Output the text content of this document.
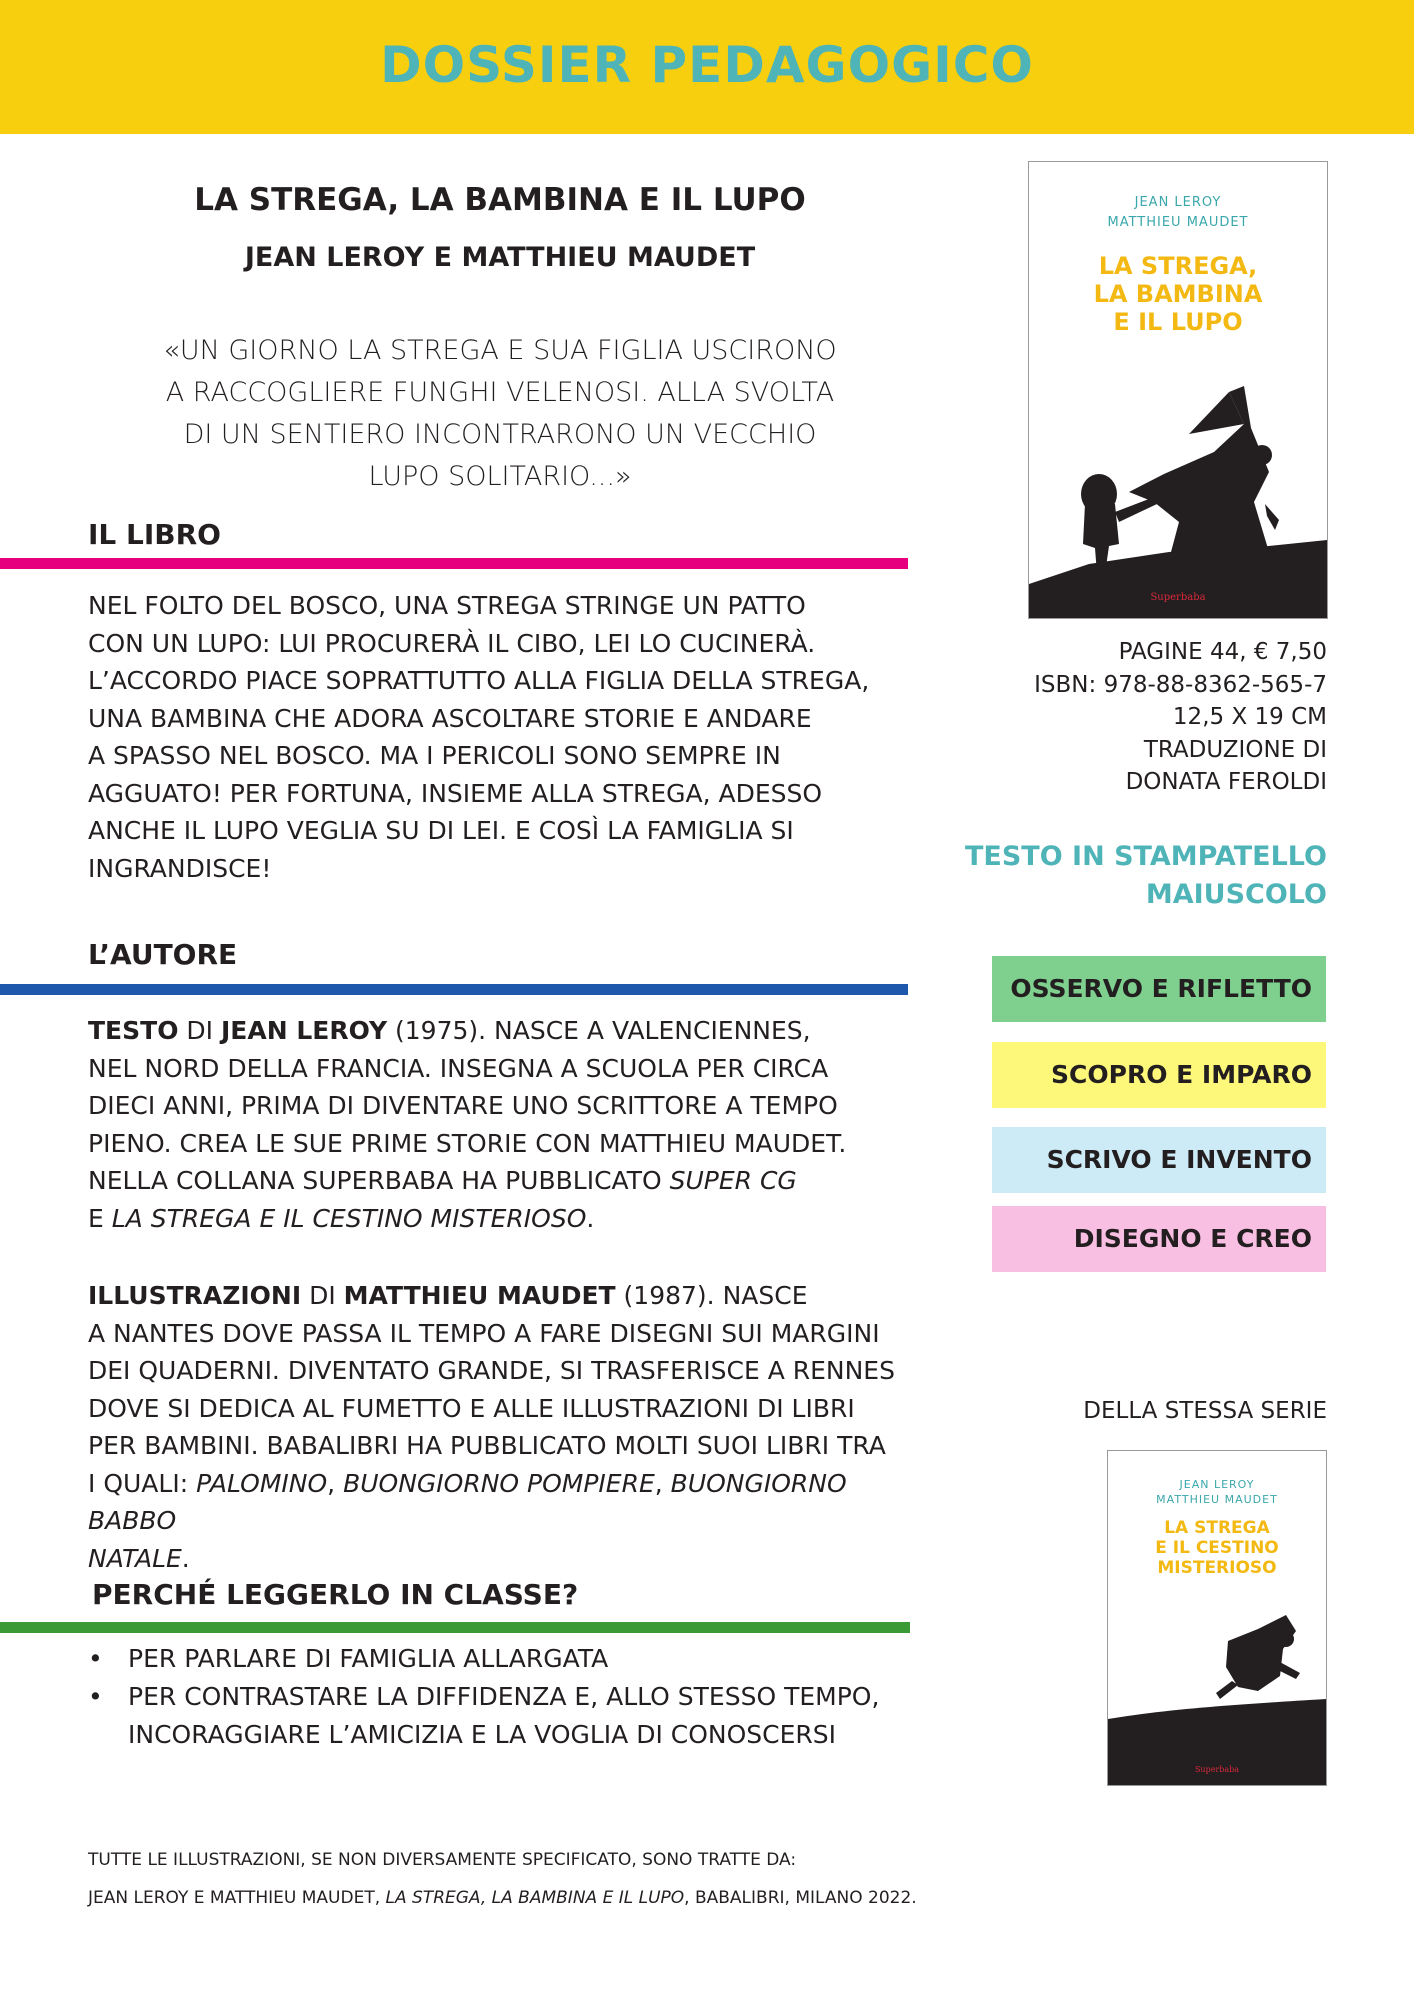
DOSSIER PEDAGOGICO
LA STREGA, LA BAMBINA E IL LUPO
JEAN LEROY E MATTHIEU MAUDET
«UN GIORNO LA STREGA E SUA FIGLIA USCIRONO
A RACCOGLIERE FUNGHI VELENOSI. ALLA SVOLTA
DI UN SENTIERO INCONTRARONO UN VECCHIO
LUPO SOLITARIO...»
IL LIBRO

NEL FOLTO DEL BOSCO, UNA STREGA STRINGE UN PATTO

CON UN LUPO: LUI PROCURERÀ IL CIBO, LEI LO CUCINERÀ.

L’ACCORDO PIACE SOPRATTUTTO ALLA FIGLIA DELLA STREGA,

UNA BAMBINA CHE ADORA ASCOLTARE STORIE E ANDARE

A SPASSO NEL BOSCO. MA I PERICOLI SONO SEMPRE IN

AGGUATO! PER FORTUNA, INSIEME ALLA STREGA, ADESSO

ANCHE IL LUPO VEGLIA SU DI LEI. E COSÌ LA FAMIGLIA SI

INGRANDISCE!

L’AUTORE

TESTO DI JEAN LEROY (1975). NASCE A VALENCIENNES,

NEL NORD DELLA FRANCIA. INSEGNA A SCUOLA PER CIRCA

DIECI ANNI, PRIMA DI DIVENTARE UNO SCRITTORE A TEMPO

PIENO. CREA LE SUE PRIME STORIE CON MATTHIEU MAUDET.

NELLA COLLANA SUPERBABA HA PUBBLICATO SUPER CG

E LA STREGA E IL CESTINO MISTERIOSO.

ILLUSTRAZIONI DI MATTHIEU MAUDET (1987). NASCE

A NANTES DOVE PASSA IL TEMPO A FARE DISEGNI SUI MARGINI

DEI QUADERNI. DIVENTATO GRANDE, SI TRASFERISCE A RENNES

DOVE SI DEDICA AL FUMETTO E ALLE ILLUSTRAZIONI DI LIBRI

PER BAMBINI. BABALIBRI HA PUBBLICATO MOLTI SUOI LIBRI TRA

I QUALI: PALOMINO, BUONGIORNO POMPIERE, BUONGIORNO BABBO

NATALE.

PERCHÉ LEGGERLO IN CLASSE?
• PER PARLARE DI FAMIGLIA ALLARGATA
• PER CONTRASTARE LA DIFFIDENZA E, ALLO STESSO TEMPO,
INCORAGGIARE L’AMICIZIA E LA VOGLIA DI CONOSCERSI
TUTTE LE ILLUSTRAZIONI, SE NON DIVERSAMENTE SPECIFICATO, SONO TRATTE DA:
JEAN LEROY E MATTHIEU MAUDET, LA STREGA, LA BAMBINA E IL LUPO, BABALIBRI, MILANO 2022.
JEAN LEROY
MATTHIEU MAUDET
LA STREGA,
LA BAMBINA
E IL LUPO
Superbaba
PAGINE 44, € 7,50
ISBN: 978-88-8362-565-7
12,5 X 19 CM
TRADUZIONE DI
DONATA FEROLDI
TESTO IN STAMPATELLO
MAIUSCOLO
OSSERVO E RIFLETTO
SCOPRO E IMPARO
SCRIVO E INVENTO
DISEGNO E CREO
DELLA STESSA SERIE
JEAN LEROY
MATTHIEU MAUDET
LA STREGA
E IL CESTINO
MISTERIOSO
Superbaba
